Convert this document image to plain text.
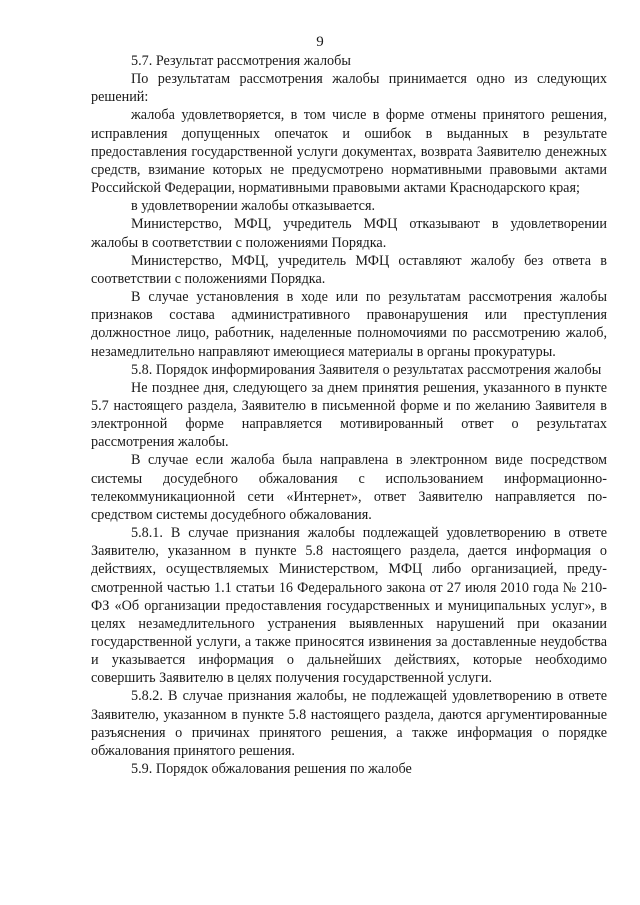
9

5.7. Результат рассмотрения жалобы

По результатам рассмотрения жалобы принимается одно из следующих решений:

жалоба удовлетворяется, в том числе в форме отмены принятого решения, исправления допущенных опечаток и ошибок в выданных в результате предоставления государственной услуги документах, возврата Заявителю денежных средств, взимание которых не предусмотрено нормативными правовыми актами Российской Федерации, нормативными правовыми актами Краснодарского края;

в удовлетворении жалобы отказывается.

Министерство, МФЦ, учредитель МФЦ отказывают в удовлетворении жалобы в соответствии с положениями Порядка.

Министерство, МФЦ, учредитель МФЦ оставляют жалобу без ответа в соответствии с положениями Порядка.

В случае установления в ходе или по результатам рассмотрения жалобы признаков состава административного правонарушения или преступления должностное лицо, работник, наделенные полномочиями по рассмотрению жалоб, незамедлительно направляют имеющиеся материалы в органы прокуратуры.

5.8. Порядок информирования Заявителя о результатах рассмотрения жалобы

Не позднее дня, следующего за днем принятия решения, указанного в пункте 5.7 настоящего раздела, Заявителю в письменной форме и по желанию Заявителя в электронной форме направляется мотивированный ответ о результатах рассмотрения жалобы.

В случае если жалоба была направлена в электронном виде посредством системы досудебного обжалования с использованием информационно-телекоммуникационной сети «Интернет», ответ Заявителю направляется посредством системы досудебного обжалования.

5.8.1. В случае признания жалобы подлежащей удовлетворению в ответе Заявителю, указанном в пункте 5.8 настоящего раздела, дается информация о действиях, осуществляемых Министерством, МФЦ либо организацией, предусмотренной частью 1.1 статьи 16 Федерального закона от 27 июля 2010 года № 210-ФЗ «Об организации предоставления государственных и муниципальных услуг», в целях незамедлительного устранения выявленных нарушений при оказании государственной услуги, а также приносятся извинения за доставленные неудобства и указывается информация о дальнейших действиях, которые необходимо совершить Заявителю в целях получения государственной услуги.

5.8.2. В случае признания жалобы, не подлежащей удовлетворению в ответе Заявителю, указанном в пункте 5.8 настоящего раздела, даются аргументированные разъяснения о причинах принятого решения, а также информация о порядке обжалования принятого решения.

5.9. Порядок обжалования решения по жалобе
